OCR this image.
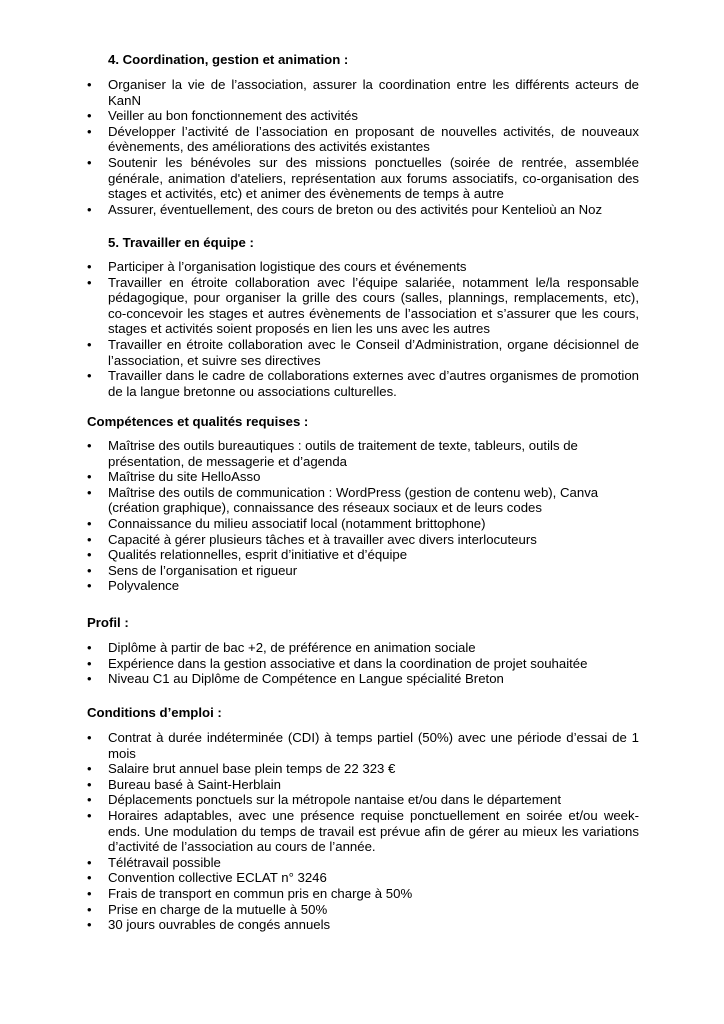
4. Coordination, gestion et animation :
• Organiser la vie de l’association, assurer la coordination entre les différents acteurs de KanN
• Veiller au bon fonctionnement des activités
• Développer l’activité de l’association en proposant de nouvelles activités, de nouveaux évènements, des améliorations des activités existantes
• Soutenir les bénévoles sur des missions ponctuelles (soirée de rentrée, assemblée générale, animation d'ateliers, représentation aux forums associatifs, co-organisation des stages et activités, etc) et animer des évènements de temps à autre
• Assurer, éventuellement, des cours de breton ou des activités pour Kentelioù an Noz
5. Travailler en équipe :
• Participer à l’organisation logistique des cours et événements
• Travailler en étroite collaboration avec l’équipe salariée, notamment le/la responsable pédagogique, pour organiser la grille des cours (salles, plannings, remplacements, etc), co-concevoir les stages et autres évènements de l’association et s’assurer que les cours, stages et activités soient proposés en lien les uns avec les autres
• Travailler en étroite collaboration avec le Conseil d’Administration, organe décisionnel de l’association, et suivre ses directives
• Travailler dans le cadre de collaborations externes avec d’autres organismes de promotion de la langue bretonne ou associations culturelles.
Compétences et qualités requises :
• Maîtrise des outils bureautiques : outils de traitement de texte, tableurs, outils de présentation, de messagerie et d’agenda
• Maîtrise du site HelloAsso
• Maîtrise des outils de communication : WordPress (gestion de contenu web), Canva (création graphique), connaissance des réseaux sociaux et de leurs codes
• Connaissance du milieu associatif local (notamment brittophone)
• Capacité à gérer plusieurs tâches et à travailler avec divers interlocuteurs
• Qualités relationnelles, esprit d’initiative et d’équipe
• Sens de l’organisation et rigueur
• Polyvalence
Profil :
• Diplôme à partir de bac +2, de préférence en animation sociale
• Expérience dans la gestion associative et dans la coordination de projet souhaitée
• Niveau C1 au Diplôme de Compétence en Langue spécialité Breton
Conditions d’emploi :
• Contrat à durée indéterminée (CDI) à temps partiel (50%) avec une période d’essai de 1 mois
• Salaire brut annuel base plein temps de 22 323 €
• Bureau basé à Saint-Herblain
• Déplacements ponctuels sur la métropole nantaise et/ou dans le département
• Horaires adaptables, avec une présence requise ponctuellement en soirée et/ou week-ends. Une modulation du temps de travail est prévue afin de gérer au mieux les variations d’activité de l’association au cours de l’année.
• Télétravail possible
• Convention collective ECLAT n° 3246
• Frais de transport en commun pris en charge à 50%
• Prise en charge de la mutuelle à 50%
• 30 jours ouvrables de congés annuels
